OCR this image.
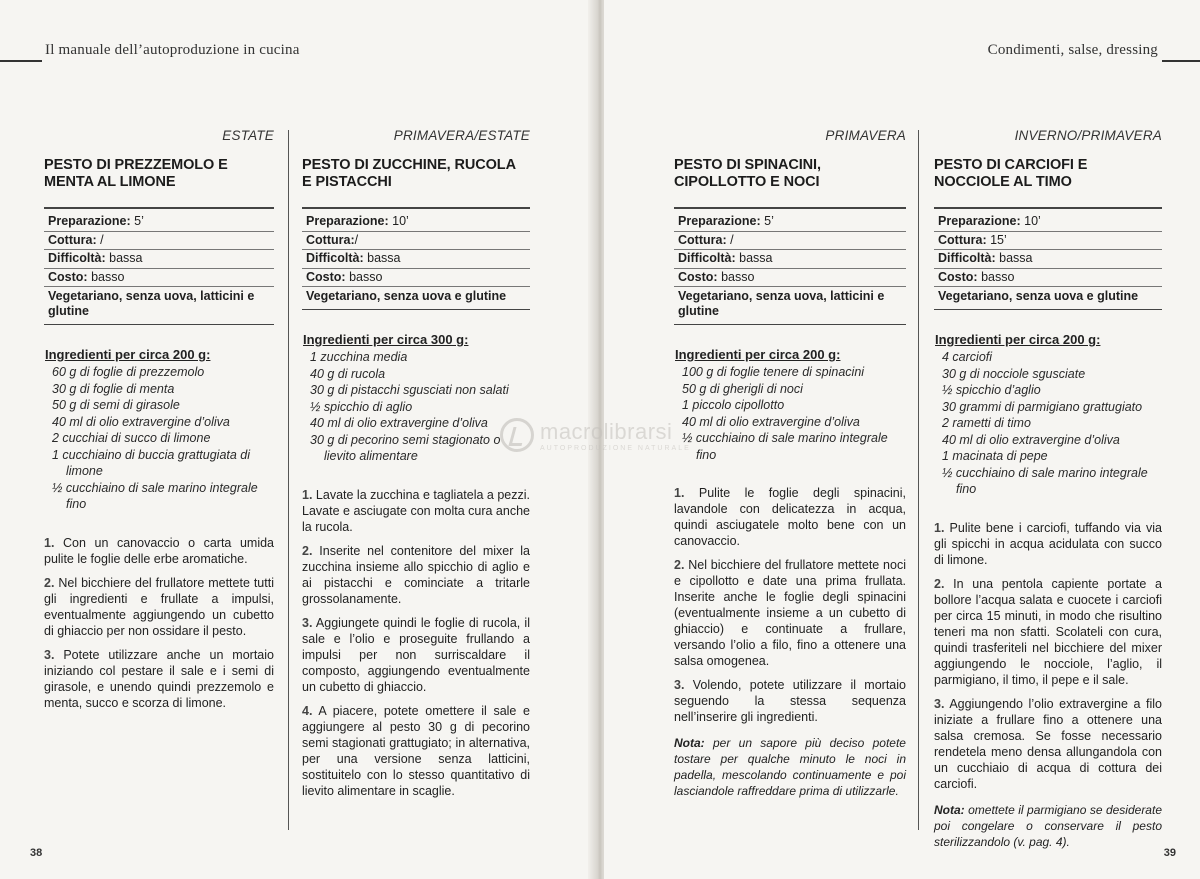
Il manuale dell’autoproduzione in cucina
ESTATE
PESTO DI PREZZEMOLO E MENTA AL LIMONE
Preparazione: 5’
Cottura: /
Difficoltà: bassa
Costo: basso
Vegetariano, senza uova, latticini e glutine
Ingredienti per circa 200 g:
60 g di foglie di prezzemolo
30 g di foglie di menta
50 g di semi di girasole
40 ml di olio extravergine d’oliva
2 cucchiai di succo di limone
1 cucchiaino di buccia grattugiata di limone
½ cucchiaino di sale marino integrale fino

1. Con un canovaccio o carta umida pulite le foglie delle erbe aromatiche.

2. Nel bicchiere del frullatore mettete tutti gli ingredienti e frullate a impulsi, eventualmente aggiungendo un cubetto di ghiaccio per non ossidare il pesto.

3. Potete utilizzare anche un mortaio iniziando col pestare il sale e i semi di girasole, e unendo quindi prezzemolo e menta, succo e scorza di limone.

PRIMAVERA/ESTATE
PESTO DI ZUCCHINE, RUCOLA E PISTACCHI
Preparazione: 10’
Cottura:/
Difficoltà: bassa
Costo: basso
Vegetariano, senza uova e glutine
Ingredienti per circa 300 g:
1 zucchina media
40 g di rucola
30 g di pistacchi sgusciati non salati
½ spicchio di aglio
40 ml di olio extravergine d’oliva
30 g di pecorino semi stagionato o lievito alimentare

1. Lavate la zucchina e tagliatela a pezzi. Lavate e asciugate con molta cura anche la rucola.

2. Inserite nel contenitore del mixer la zucchina insieme allo spicchio di aglio e ai pistacchi e cominciate a tritarle grossolanamente.

3. Aggiungete quindi le foglie di rucola, il sale e l’olio e proseguite frullando a impulsi per non surriscaldare il composto, aggiungendo eventualmente un cubetto di ghiaccio.

4. A piacere, potete omettere il sale e aggiungere al pesto 30 g di pecorino semi stagionati grattugiato; in alternativa, per una versione senza latticini, sostituitelo con lo stesso quantitativo di lievito alimentare in scaglie.

38
Condimenti, salse, dressing
PRIMAVERA
PESTO DI SPINACINI, CIPOLLOTTO E NOCI
Preparazione: 5’
Cottura: /
Difficoltà: bassa
Costo: basso
Vegetariano, senza uova, latticini e glutine
Ingredienti per circa 200 g:
100 g di foglie tenere di spinacini
50 g di gherigli di noci
1 piccolo cipollotto
40 ml di olio extravergine d’oliva
½ cucchiaino di sale marino integrale fino

1. Pulite le foglie degli spinacini, lavandole con delicatezza in acqua, quindi asciugatele molto bene con un canovaccio.

2. Nel bicchiere del frullatore mettete noci e cipollotto e date una prima frullata. Inserite anche le foglie degli spinacini (eventualmente insieme a un cubetto di ghiaccio) e continuate a frullare, versando l’olio a filo, fino a ottenere una salsa omogenea.

3. Volendo, potete utilizzare il mortaio seguendo la stessa sequenza nell’inserire gli ingredienti.

Nota: per un sapore più deciso potete tostare per qualche minuto le noci in padella, mescolando continuamente e poi lasciandole raffreddare prima di utilizzarle.

INVERNO/PRIMAVERA
PESTO DI CARCIOFI E NOCCIOLE AL TIMO
Preparazione: 10’
Cottura: 15’
Difficoltà: bassa
Costo: basso
Vegetariano, senza uova e glutine
Ingredienti per circa 200 g:
4 carciofi
30 g di nocciole sgusciate
½ spicchio d’aglio
30 grammi di parmigiano grattugiato
2 rametti di timo
40 ml di olio extravergine d’oliva
1 macinata di pepe
½ cucchiaino di sale marino integrale fino

1. Pulite bene i carciofi, tuffando via via gli spicchi in acqua acidulata con succo di limone.

2. In una pentola capiente portate a bollore l’acqua salata e cuocete i carciofi per circa 15 minuti, in modo che risultino teneri ma non sfatti. Scolateli con cura, quindi trasferiteli nel bicchiere del mixer aggiungendo le nocciole, l’aglio, il parmigiano, il timo, il pepe e il sale.

3. Aggiungendo l’olio extravergine a filo iniziate a frullare fino a ottenere una salsa cremosa. Se fosse necessario rendetela meno densa allungandola con un cucchiaio di acqua di cottura dei carciofi.

Nota: omettete il parmigiano se desiderate poi congelare o conservare il pesto sterilizzandolo (v. pag. 4).

39
macrolibrarsi
AUTOPRODUZIONE NATURALE
